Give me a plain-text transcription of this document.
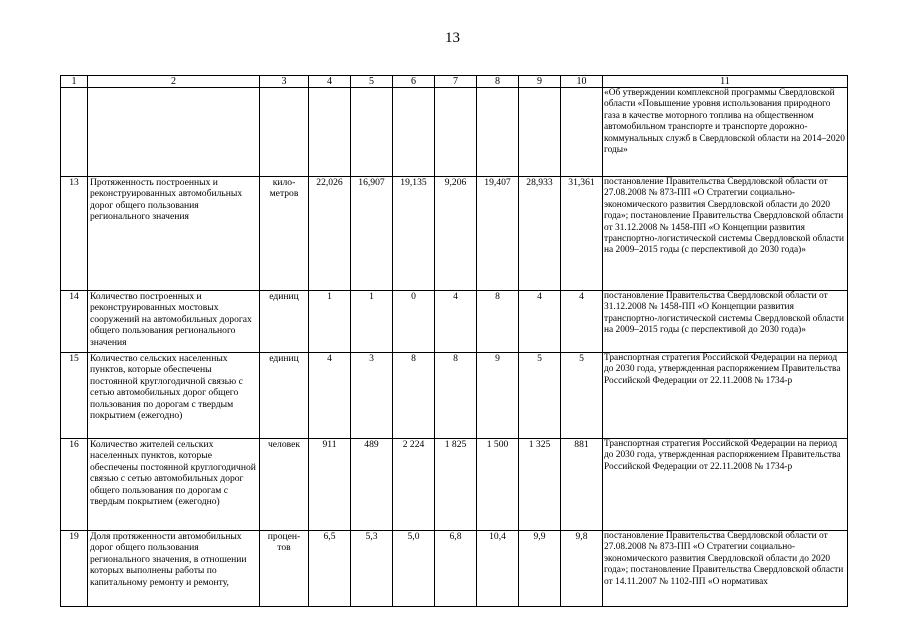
13
1	2	3	4	5	6	7	8	9	10	11
										«Об утверждении комплексной программы Свердловской области «Повышение уровня использования природного газа в качестве моторного топлива на общественном автомобильном транспорте и транспорте дорожно-коммунальных служб в Свердловской области на 2014–2020 годы»
13	Протяженность построенных и реконструированных автомобильных дорог общего пользования регионального значения	кило-метров	22,026	16,907	19,135	9,206	19,407	28,933	31,361	постановление Правительства Свердловской области от 27.08.2008 № 873-ПП «О Стратегии социально-экономического развития Свердловской области до 2020 года»; постановление Правительства Свердловской области от 31.12.2008 № 1458-ПП «О Концепции развития транспортно-логистической системы Свердловской области на 2009–2015 годы (с перспективой до 2030 года)»
14	Количество построенных и реконструированных мостовых сооружений на автомобильных дорогах общего пользования регионального значения	единиц	1	1	0	4	8	4	4	постановление Правительства Свердловской области от 31.12.2008 № 1458-ПП «О Концепции развития транспортно-логистической системы Свердловской области на 2009–2015 годы (с перспективой до 2030 года)»
15	Количество сельских населенных пунктов, которые обеспечены постоянной круглогодичной связью с сетью автомобильных дорог общего пользования по дорогам с твердым покрытием (ежегодно)	единиц	4	3	8	8	9	5	5	Транспортная стратегия Российской Федерации на период до 2030 года, утвержденная распоряжением Правительства Российской Федерации от 22.11.2008 № 1734-р
16	Количество жителей сельских населенных пунктов, которые обеспечены постоянной круглогодичной связью с сетью автомобильных дорог общего пользования по дорогам с твердым покрытием (ежегодно)	человек	911	489	2 224	1 825	1 500	1 325	881	Транспортная стратегия Российской Федерации на период до 2030 года, утвержденная распоряжением Правительства Российской Федерации от 22.11.2008 № 1734-р
19	Доля протяженности автомобильных дорог общего пользования регионального значения, в отношении которых выполнены работы по капитальному ремонту и ремонту,	процен-тов	6,5	5,3	5,0	6,8	10,4	9,9	9,8	постановление Правительства Свердловской области от 27.08.2008 № 873-ПП «О Стратегии социально-экономического развития Свердловской области до 2020 года»; постановление Правительства Свердловской области от 14.11.2007 № 1102-ПП «О нормативах
